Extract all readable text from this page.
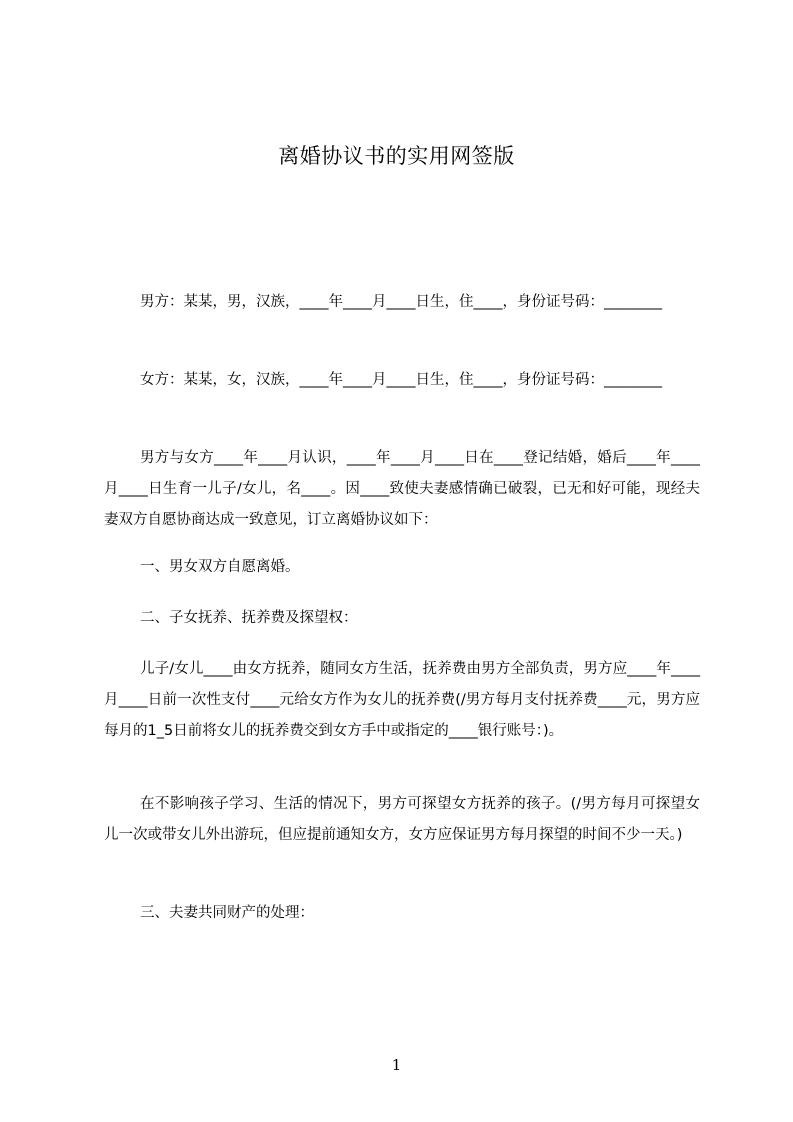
离婚协议书的实用网签版

男方：某某，男，汉族，____年____月____日生，住____，身份证号码：________

女方：某某，女，汉族，____年____月____日生，住____，身份证号码：________

男方与女方____年____月认识，____年____月____日在____登记结婚，婚后____年____月____日生育一儿子/女儿，名____。因____致使夫妻感情确已破裂，已无和好可能，现经夫妻双方自愿协商达成一致意见，订立离婚协议如下：

一、男女双方自愿离婚。

二、子女抚养、抚养费及探望权：

儿子/女儿____由女方抚养，随同女方生活，抚养费由男方全部负责，男方应____年____月____日前一次性支付____元给女方作为女儿的抚养费(/男方每月支付抚养费____元，男方应每月的1_5日前将女儿的抚养费交到女方手中或指定的____银行账号：)。

在不影响孩子学习、生活的情况下，男方可探望女方抚养的孩子。(/男方每月可探望女儿一次或带女儿外出游玩，但应提前通知女方，女方应保证男方每月探望的时间不少一天。)

三、夫妻共同财产的处理：

1
